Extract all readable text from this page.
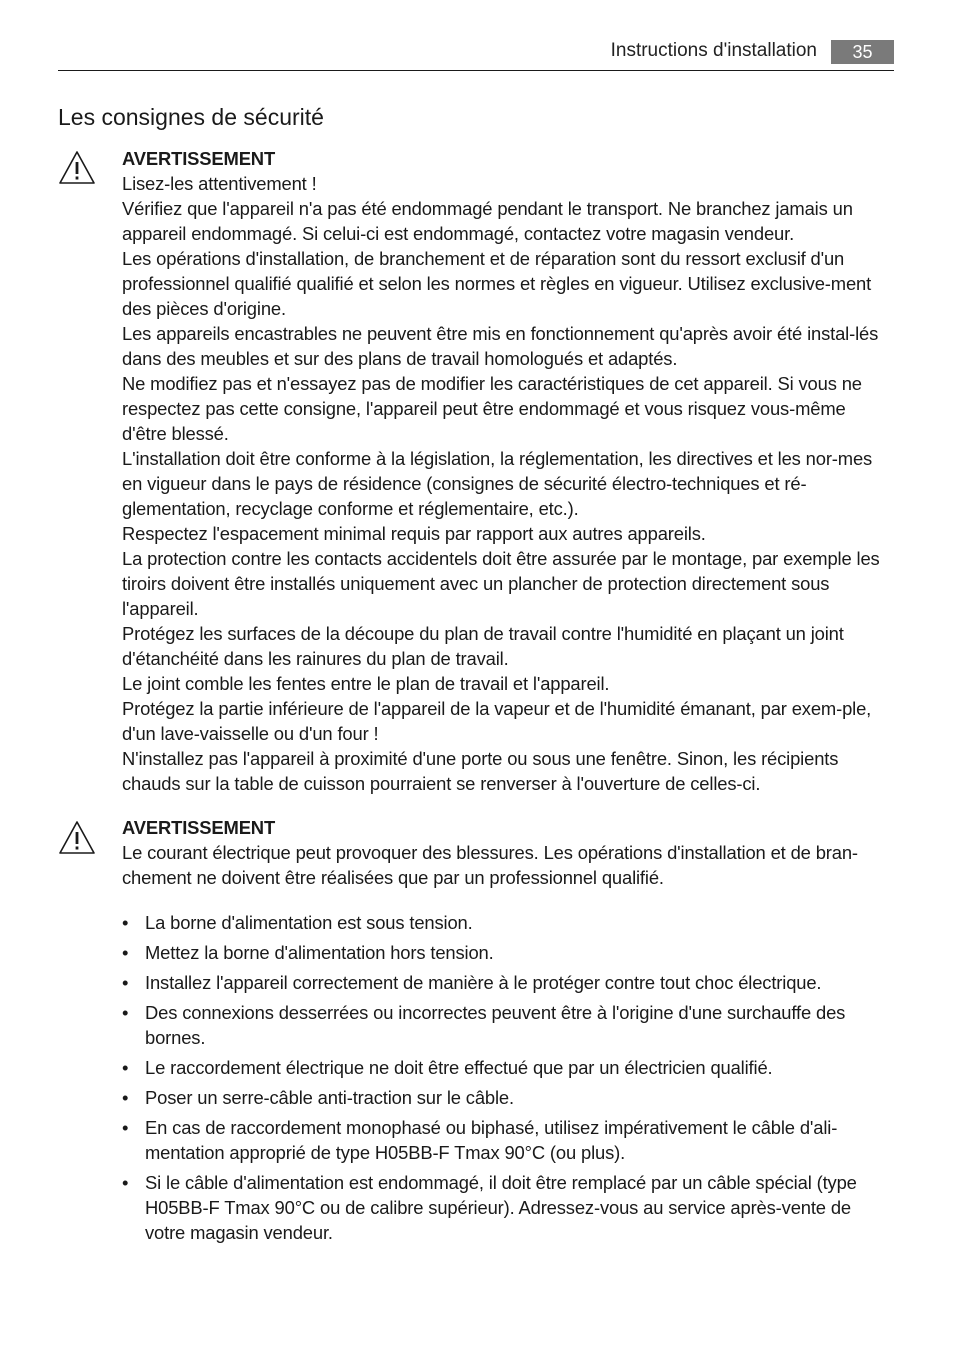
Instructions d'installation	35
Les consignes de sécurité

AVERTISSEMENT

Lisez-les attentivement !

Vérifiez que l'appareil n'a pas été endommagé pendant le transport. Ne branchez jamais un appareil endommagé. Si celui-ci est endommagé, contactez votre magasin vendeur.

Les opérations d'installation, de branchement et de réparation sont du ressort exclusif d'un professionnel qualifié qualifié et selon les normes et règles en vigueur. Utilisez exclusive-ment des pièces d'origine.

Les appareils encastrables ne peuvent être mis en fonctionnement qu'après avoir été instal-lés dans des meubles et sur des plans de travail homologués et adaptés.

Ne modifiez pas et n'essayez pas de modifier les caractéristiques de cet appareil. Si vous ne respectez pas cette consigne, l'appareil peut être endommagé et vous risquez vous-même d'être blessé.

L'installation doit être conforme à la législation, la réglementation, les directives et les nor-mes en vigueur dans le pays de résidence (consignes de sécurité électro-techniques et ré-glementation, recyclage conforme et réglementaire, etc.).

Respectez l'espacement minimal requis par rapport aux autres appareils.

La protection contre les contacts accidentels doit être assurée par le montage, par exemple les tiroirs doivent être installés uniquement avec un plancher de protection directement sous l'appareil.

Protégez les surfaces de la découpe du plan de travail contre l'humidité en plaçant un joint d'étanchéité dans les rainures du plan de travail.

Le joint comble les fentes entre le plan de travail et l'appareil.

Protégez la partie inférieure de l'appareil de la vapeur et de l'humidité émanant, par exem-ple, d'un lave-vaisselle ou d'un four !

N'installez pas l'appareil à proximité d'une porte ou sous une fenêtre. Sinon, les récipients chauds sur la table de cuisson pourraient se renverser à l'ouverture de celles-ci.

AVERTISSEMENT

Le courant électrique peut provoquer des blessures. Les opérations d'installation et de bran-chement ne doivent être réalisées que par un professionnel qualifié.

• La borne d'alimentation est sous tension.
• Mettez la borne d'alimentation hors tension.
• Installez l'appareil correctement de manière à le protéger contre tout choc électrique.
• Des connexions desserrées ou incorrectes peuvent être à l'origine d'une surchauffe des bornes.
• Le raccordement électrique ne doit être effectué que par un électricien qualifié.
• Poser un serre-câble anti-traction sur le câble.
• En cas de raccordement monophasé ou biphasé, utilisez impérativement le câble d'ali-mentation approprié de type H05BB-F Tmax 90°C (ou plus).
• Si le câble d'alimentation est endommagé, il doit être remplacé par un câble spécial (type H05BB-F Tmax 90°C ou de calibre supérieur). Adressez-vous au service après-vente de votre magasin vendeur.
